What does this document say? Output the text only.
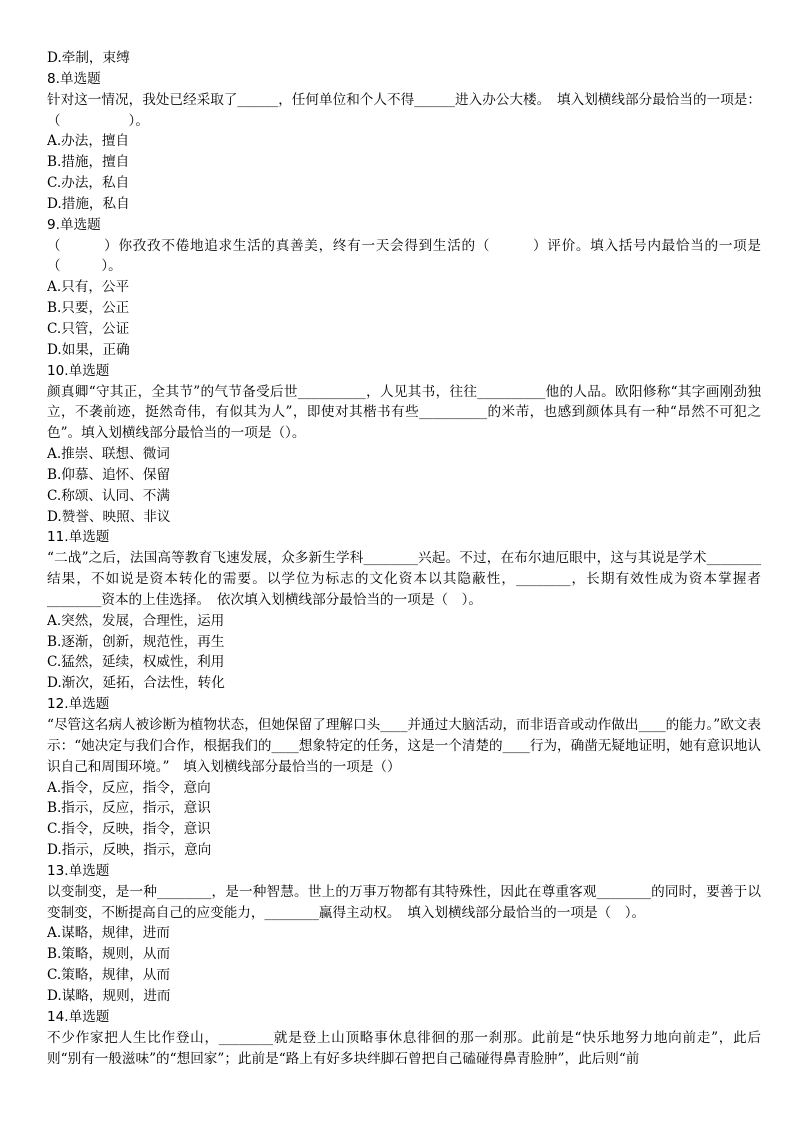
D.牵制，束缚
8.单选题
针对这一情况，我处已经采取了______，任何单位和个人不得______进入办公大楼。　填入划横线部分最恰当的一项是：（　　　　　）。
A.办法，擅自
B.措施，擅自
C.办法，私自
D.措施，私自
9.单选题
（　　　）你孜孜不倦地追求生活的真善美，终有一天会得到生活的（　　　）评价。填入括号内最恰当的一项是（　　　）。
A.只有，公平
B.只要，公正
C.只管，公证
D.如果，正确
10.单选题
颜真卿“守其正，全其节”的气节备受后世__________，人见其书，往往__________他的人品。欧阳修称“其字画刚劲独立，不袭前迹，挺然奇伟，有似其为人”，即使对其楷书有些__________的米芾，也感到颜体具有一种“昂然不可犯之色”。填入划横线部分最恰当的一项是（）。
A.推崇、联想、微词
B.仰慕、追怀、保留
C.称颂、认同、不满
D.赞誉、映照、非议
11.单选题
“二战”之后，法国高等教育飞速发展，众多新生学科________兴起。不过，在布尔迪厄眼中，这与其说是学术________结果，不如说是资本转化的需要。以学位为标志的文化资本以其隐蔽性，________，长期有效性成为资本掌握者________资本的上佳选择。　依次填入划横线部分最恰当的一项是（　）。
A.突然，发展，合理性，运用
B.逐渐，创新，规范性，再生
C.猛然，延续，权威性，利用
D.渐次，延拓，合法性，转化
12.单选题
“尽管这名病人被诊断为植物状态，但她保留了理解口头____并通过大脑活动，而非语音或动作做出____的能力。”欧文表示：“她决定与我们合作，根据我们的____想象特定的任务，这是一个清楚的____行为，确凿无疑地证明，她有意识地认识自己和周围环境。”　填入划横线部分最恰当的一项是（）
A.指令，反应，指令，意向
B.指示，反应，指示，意识
C.指令，反映，指令，意识
D.指示，反映，指示，意向
13.单选题
以变制变，是一种________，是一种智慧。世上的万事万物都有其特殊性，因此在尊重客观________的同时，要善于以变制变，不断提高自己的应变能力，________赢得主动权。　填入划横线部分最恰当的一项是（　）。
A.谋略，规律，进而
B.策略，规则，从而
C.策略，规律，从而
D.谋略，规则，进而
14.单选题
不少作家把人生比作登山，________就是登上山顶略事休息徘徊的那一刹那。此前是“快乐地努力地向前走”，此后则“别有一般滋味”的“想回家”；此前是“路上有好多块绊脚石曾把自己磕碰得鼻青脸肿”，此后则“前
